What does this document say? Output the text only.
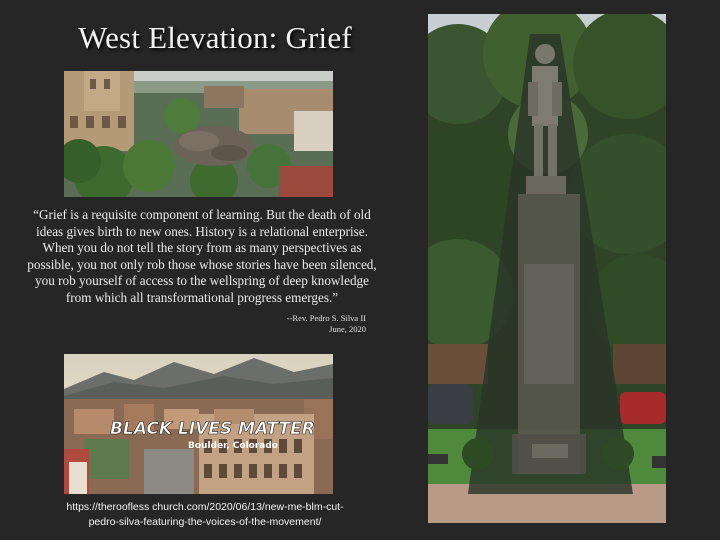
West Elevation: Grief
“Grief is a requisite component of learning. But the death of old ideas gives birth to new ones. History is a relational enterprise. When you do not tell the story from as many perspectives as possible, you not only rob those whose stories have been silenced, you rob yourself of access to the wellspring of deep knowledge from which all transformational progress emerges.”
--Rev. Pedro S. Silva II
June, 2020
BLACK LIVES MATTER
Boulder, Colorado
https://theroofless church.com/2020/06/13/new-me-blm-cut-
pedro-silva-featuring-the-voices-of-the-movement/
